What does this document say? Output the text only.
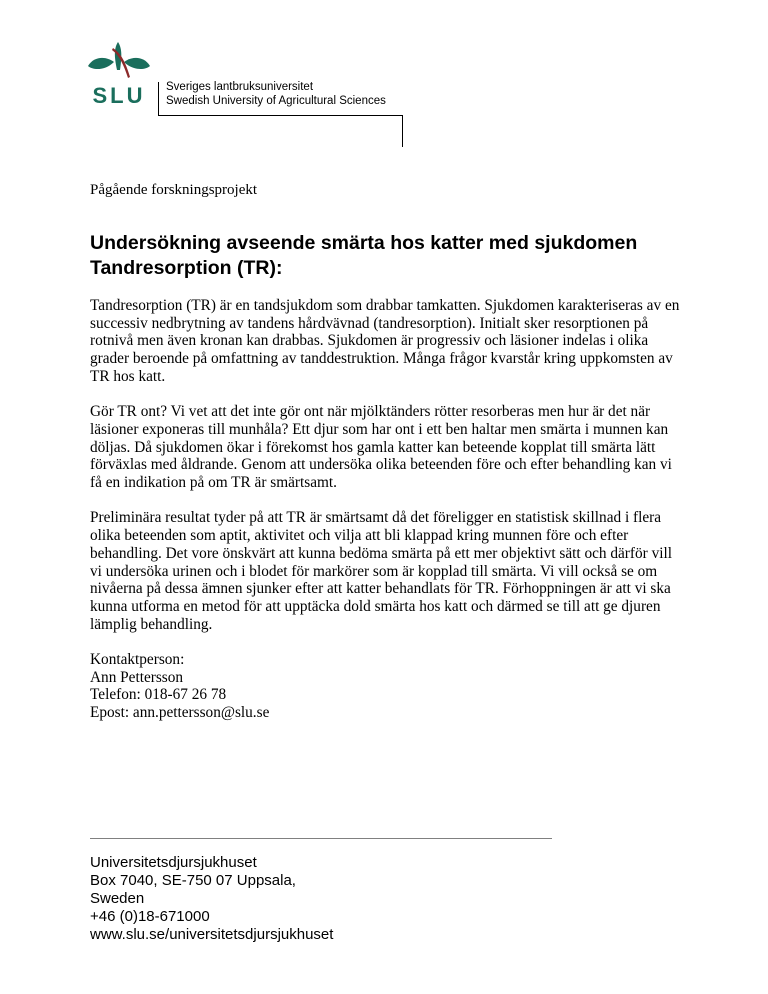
SLU Sveriges lantbruksuniversitet
Swedish University of Agricultural Sciences
Pågående forskningsprojekt
Undersökning avseende smärta hos katter med sjukdomen Tandresorption (TR):

Tandresorption (TR) är en tandsjukdom som drabbar tamkatten. Sjukdomen karakteriseras av en successiv nedbrytning av tandens hårdvävnad (tandresorption). Initialt sker resorptionen på rotnivå men även kronan kan drabbas. Sjukdomen är progressiv och läsioner indelas i olika grader beroende på omfattning av tanddestruktion. Många frågor kvarstår kring uppkomsten av TR hos katt.

Gör TR ont? Vi vet att det inte gör ont när mjölktänders rötter resorberas men hur är det när läsioner exponeras till munhåla? Ett djur som har ont i ett ben haltar men smärta i munnen kan döljas. Då sjukdomen ökar i förekomst hos gamla katter kan beteende kopplat till smärta lätt förväxlas med åldrande. Genom att undersöka olika beteenden före och efter behandling kan vi få en indikation på om TR är smärtsamt.

Preliminära resultat tyder på att TR är smärtsamt då det föreligger en statistisk skillnad i flera olika beteenden som aptit, aktivitet och vilja att bli klappad kring munnen före och efter behandling. Det vore önskvärt att kunna bedöma smärta på ett mer objektivt sätt och därför vill vi undersöka urinen och i blodet för markörer som är kopplad till smärta. Vi vill också se om nivåerna på dessa ämnen sjunker efter att katter behandlats för TR. Förhoppningen är att vi ska kunna utforma en metod för att upptäcka dold smärta hos katt och därmed se till att ge djuren lämplig behandling.

Kontaktperson:
Ann Pettersson
Telefon: 018-67 26 78
Epost: ann.pettersson@slu.se
Universitetsdjursjukhuset
Box 7040, SE-750 07 Uppsala,
Sweden
+46 (0)18-671000
www.slu.se/universitetsdjursjukhuset
